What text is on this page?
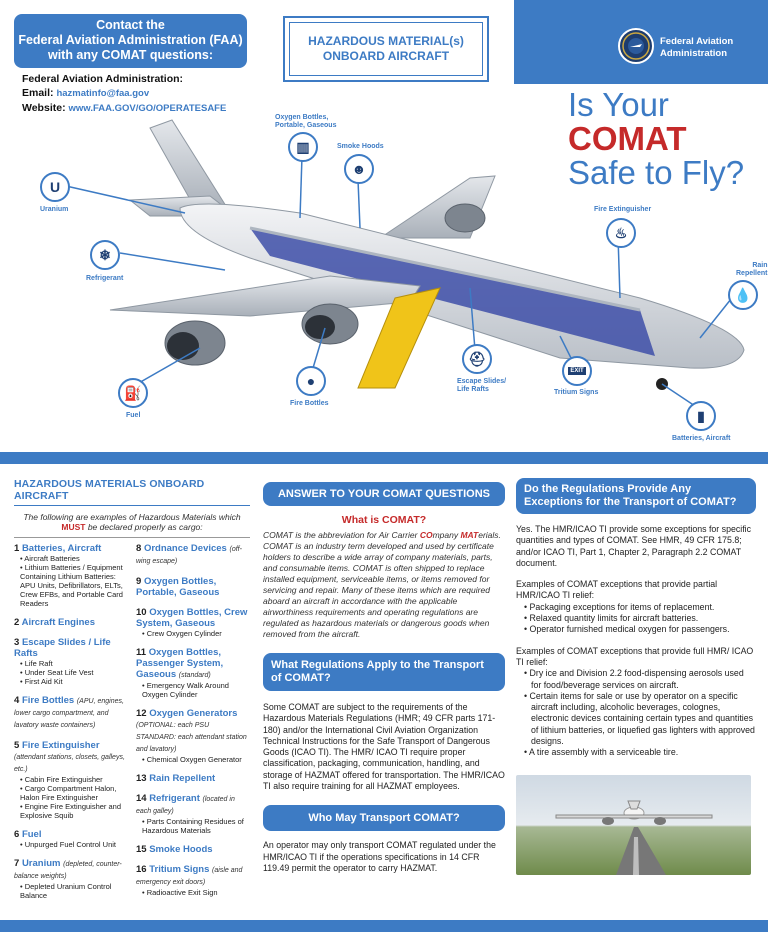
Contact the
Federal Aviation Administration (FAA)
with any COMAT questions:
Federal Aviation Administration:
Email: hazmatinfo@faa.gov
Website: www.FAA.GOV/GO/OPERATESAFE
HAZARDOUS MATERIAL(s)
ONBOARD AIRCRAFT
Federal Aviation
Administration
Is Your
COMAT
Safe to Fly?
U
Uranium
❄
Refrigerant
⛽
Fuel
●
Fire Bottles
Oxygen Bottles,
Portable, Gaseous
▥	Smoke Hoods
☻
⛑
Escape Slides/
Life Rafts
EXIT
Tritium Signs
Fire Extinguisher
♨
Rain
Repellent
💧
▮
Batteries, Aircraft
HAZARDOUS MATERIALS ONBOARD AIRCRAFT
The following are examples of Hazardous Materials which MUST be declared properly as cargo:
1 Batteries, Aircraft
• Aircraft Batteries
• Lithium Batteries / Equipment Containing Lithium Batteries: APU Units, Defibrillators, ELTs, Crew EFBs, and Portable Card Readers
2 Aircraft Engines
3 Escape Slides / Life Rafts
• Life Raft
• Under Seat Life Vest
• First Aid Kit
4 Fire Bottles (APU, engines, lower cargo compartment, and lavatory waste containers)
5 Fire Extinguisher (attendant stations, closets, galleys, etc.)
• Cabin Fire Extinguisher
• Cargo Compartment Halon, Halon Fire Extinguisher
• Engine Fire Extinguisher and Explosive Squib
6 Fuel
• Unpurged Fuel Control Unit
7 Uranium (depleted, counter-balance weights)
• Depleted Uranium Control Balance
8 Ordnance Devices (off-wing escape)
9 Oxygen Bottles, Portable, Gaseous
10 Oxygen Bottles, Crew System, Gaseous
• Crew Oxygen Cylinder
11 Oxygen Bottles, Passenger System, Gaseous (standard)
• Emergency Walk Around Oxygen Cylinder
12 Oxygen Generators (OPTIONAL: each PSU STANDARD: each attendant station and lavatory)
• Chemical Oxygen Generator
13 Rain Repellent
14 Refrigerant (located in each galley)
• Parts Containing Residues of Hazardous Materials
15 Smoke Hoods
16 Tritium Signs (aisle and emergency exit doors)
• Radioactive Exit Sign
ANSWER TO YOUR COMAT QUESTIONS
What is COMAT?

COMAT is the abbreviation for Air Carrier COmpany MATerials. COMAT is an industry term developed and used by certificate holders to describe a wide array of company materials, parts, and consumable items. COMAT is often shipped to replace installed equipment, serviceable items, or items removed for servicing and repair. Many of these items which are required aboard an aircraft in accordance with the applicable airworthiness requirements and operating regulations are regulated as hazardous materials or dangerous goods when removed from the aircraft.

What Regulations Apply to the Transport of COMAT?

Some COMAT are subject to the requirements of the Hazardous Materials Regulations (HMR; 49 CFR parts 171-180) and/or the International Civil Aviation Organization Technical Instructions for the Safe Transport of Dangerous Goods (ICAO TI). The HMR/ ICAO TI require proper classification, packaging, communication, handling, and storage of HAZMAT offered for transportation. The HMR/ICAO TI also require training for all HAZMAT employees.

Who May Transport COMAT?

An operator may only transport COMAT regulated under the HMR/ICAO TI if the operations specifications in 14 CFR 119.49 permit the operator to carry HAZMAT.

Do the Regulations Provide Any Exceptions for the Transport of COMAT?

Yes. The HMR/ICAO TI provide some exceptions for specific quantities and types of COMAT. See HMR, 49 CFR 175.8; and/or ICAO TI, Part 1, Chapter 2, Paragraph 2.2 COMAT document.

Examples of COMAT exceptions that provide partial HMR/ICAO TI relief:

• Packaging exceptions for items of replacement.
• Relaxed quantity limits for aircraft batteries.
• Operator furnished medical oxygen for passengers.

Examples of COMAT exceptions that provide full HMR/ ICAO TI relief:

• Dry ice and Division 2.2 food-dispensing aerosols used for food/beverage services on aircraft.
• Certain items for sale or use by operator on a specific aircraft including, alcoholic beverages, colognes, electronic devices containing certain types and quantities of lithium batteries, or liquefied gas lighters with approved designs.
• A tire assembly with a serviceable tire.
